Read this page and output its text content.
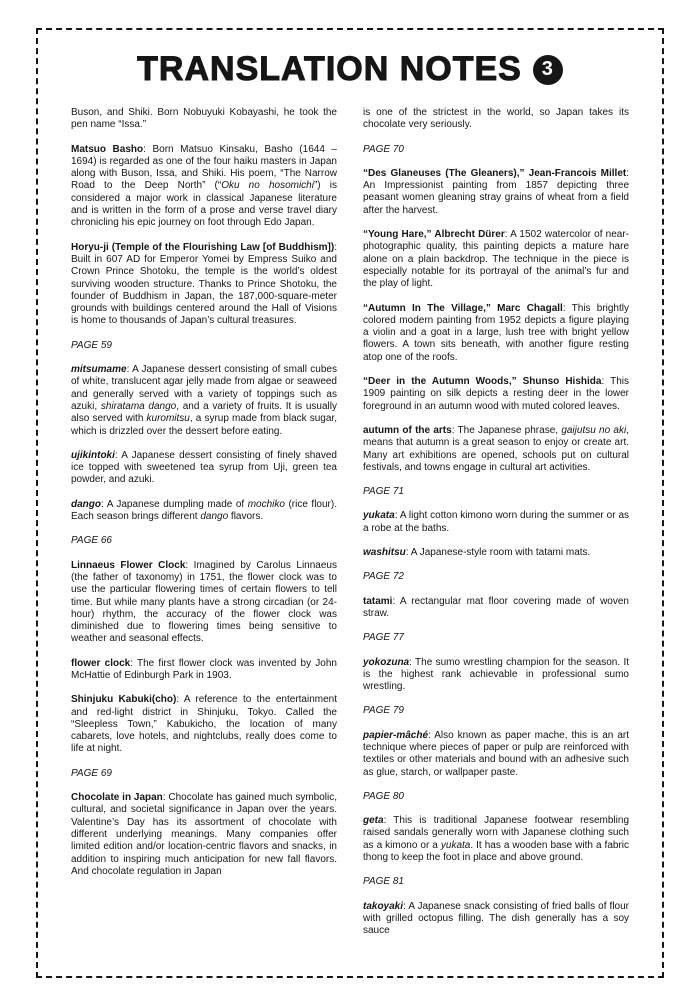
TRANSLATION NOTES 3

Buson, and Shiki. Born Nobuyuki Kobayashi, he took the pen name “Issa.”

Matsuo Basho: Born Matsuo Kinsaku, Basho (1644 – 1694) is regarded as one of the four haiku masters in Japan along with Buson, Issa, and Shiki. His poem, “The Narrow Road to the Deep North” (“Oku no hosomichi”) is considered a major work in classical Japanese literature and is written in the form of a prose and verse travel diary chronicling his epic journey on foot through Edo Japan.

Horyu-ji (Temple of the Flourishing Law [of Buddhism]): Built in 607 AD for Emperor Yomei by Empress Suiko and Crown Prince Shotoku, the temple is the world’s oldest surviving wooden structure. Thanks to Prince Shotoku, the founder of Buddhism in Japan, the 187,000-square-meter grounds with buildings centered around the Hall of Visions is home to thousands of Japan’s cultural treasures.

PAGE 59

mitsumame: A Japanese dessert consisting of small cubes of white, translucent agar jelly made from algae or seaweed and generally served with a variety of toppings such as azuki, shiratama dango, and a variety of fruits. It is usually also served with kuromitsu, a syrup made from black sugar, which is drizzled over the dessert before eating.

ujikintoki: A Japanese dessert consisting of finely shaved ice topped with sweetened tea syrup from Uji, green tea powder, and azuki.

dango: A Japanese dumpling made of mochiko (rice flour). Each season brings different dango flavors.

PAGE 66

Linnaeus Flower Clock: Imagined by Carolus Linnaeus (the father of taxonomy) in 1751, the flower clock was to use the particular flowering times of certain flowers to tell time. But while many plants have a strong circadian (or 24-hour) rhythm, the accuracy of the flower clock was diminished due to flowering times being sensitive to weather and seasonal effects.

flower clock: The first flower clock was invented by John McHattie of Edinburgh Park in 1903.

Shinjuku Kabuki(cho): A reference to the entertainment and red-light district in Shinjuku, Tokyo. Called the “Sleepless Town,” Kabukicho, the location of many cabarets, love hotels, and nightclubs, really does come to life at night.

PAGE 69

Chocolate in Japan: Chocolate has gained much symbolic, cultural, and societal significance in Japan over the years. Valentine’s Day has its assortment of chocolate with different underlying meanings. Many companies offer limited edition and/or location-centric flavors and snacks, in addition to inspiring much anticipation for new fall flavors. And chocolate regulation in Japan

is one of the strictest in the world, so Japan takes its chocolate very seriously.

PAGE 70

“Des Glaneuses (The Gleaners),” Jean-Francois Millet: An Impressionist painting from 1857 depicting three peasant women gleaning stray grains of wheat from a field after the harvest.

“Young Hare,” Albrecht Dürer: A 1502 watercolor of near-photographic quality, this painting depicts a mature hare alone on a plain backdrop. The technique in the piece is especially notable for its portrayal of the animal’s fur and the play of light.

“Autumn In The Village,” Marc Chagall: This brightly colored modern painting from 1952 depicts a figure playing a violin and a goat in a large, lush tree with bright yellow flowers. A town sits beneath, with another figure resting atop one of the roofs.

“Deer in the Autumn Woods,” Shunso Hishida: This 1909 painting on silk depicts a resting deer in the lower foreground in an autumn wood with muted colored leaves.

autumn of the arts: The Japanese phrase, gaijutsu no aki, means that autumn is a great season to enjoy or create art. Many art exhibitions are opened, schools put on cultural festivals, and towns engage in cultural art activities.

PAGE 71

yukata: A light cotton kimono worn during the summer or as a robe at the baths.

washitsu: A Japanese-style room with tatami mats.

PAGE 72

tatami: A rectangular mat floor covering made of woven straw.

PAGE 77

yokozuna: The sumo wrestling champion for the season. It is the highest rank achievable in professional sumo wrestling.

PAGE 79

papier-mâché: Also known as paper mache, this is an art technique where pieces of paper or pulp are reinforced with textiles or other materials and bound with an adhesive such as glue, starch, or wallpaper paste.

PAGE 80

geta: This is traditional Japanese footwear resembling raised sandals generally worn with Japanese clothing such as a kimono or a yukata. It has a wooden base with a fabric thong to keep the foot in place and above ground.

PAGE 81

takoyaki: A Japanese snack consisting of fried balls of flour with grilled octopus filling. The dish generally has a soy sauce
